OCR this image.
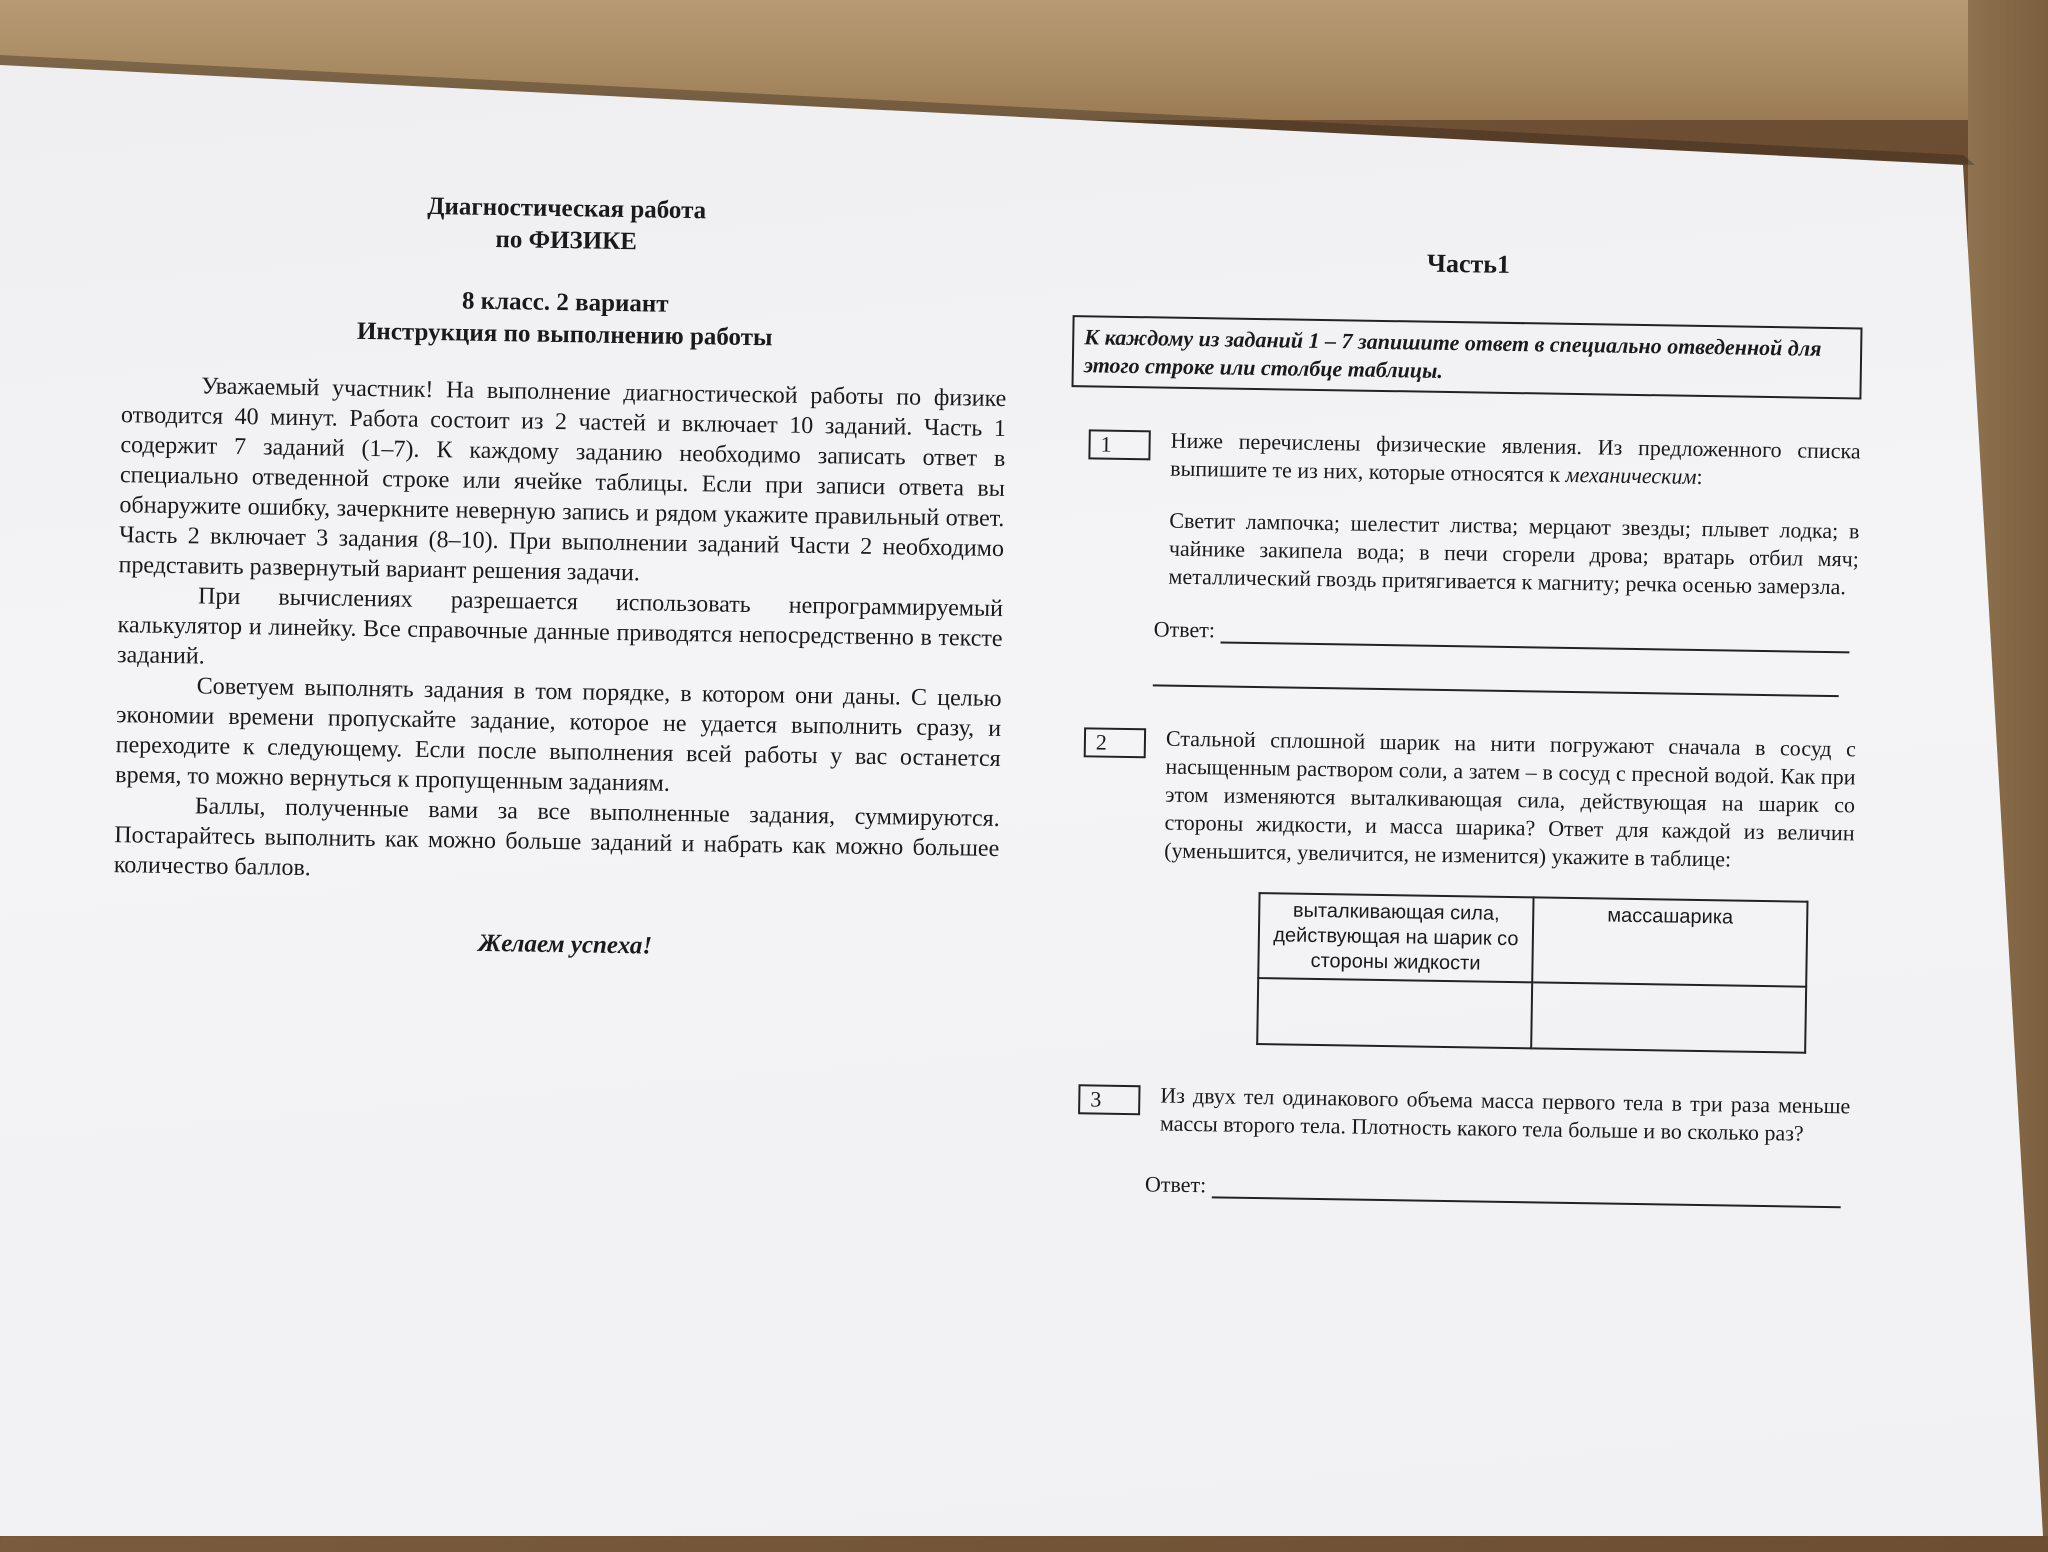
Диагностическая работа
по ФИЗИКЕ
8 класс. 2 вариант
Инструкция по выполнению работы

Уважаемый участник! На выполнение диагностической работы по физике отводится 40 минут. Работа состоит из 2 частей и включает 10 заданий. Часть 1 содержит 7 заданий (1–7). К каждому заданию необходимо записать ответ в специально отведенной строке или ячейке таблицы. Если при записи ответа вы обнаружите ошибку, зачеркните неверную запись и рядом укажите правильный ответ. Часть 2 включает 3 задания (8–10). При выполнении заданий Части 2 необходимо представить развернутый вариант решения задачи.

При вычислениях разрешается использовать непрограммируемый калькулятор и линейку. Все справочные данные приводятся непосредственно в тексте заданий.

Советуем выполнять задания в том порядке, в котором они даны. С целью экономии времени пропускайте задание, которое не удается выполнить сразу, и переходите к следующему. Если после выполнения всей работы у вас останется время, то можно вернуться к пропущенным заданиям.

Баллы, полученные вами за все выполненные задания, суммируются. Постарайтесь выполнить как можно больше заданий и набрать как можно большее количество баллов.

Желаем успеха!
Часть1
К каждому из заданий 1 – 7 запишите ответ в специально отведенной для этого строке или столбце таблицы.
1	Ниже перечислены физические явления. Из предложенного списка выпишите те из них, которые относятся к механическим:
Светит лампочка; шелестит листва; мерцают звезды; плывет лодка; в чайнике закипела вода; в печи сгорели дрова; вратарь отбил мяч; металлический гвоздь притягивается к магниту; речка осенью замерзла.
Ответ:
2	Стальной сплошной шарик на нити погружают сначала в сосуд с насыщенным раствором соли, а затем – в сосуд с пресной водой. Как при этом изменяются выталкивающая сила, действующая на шарик со стороны жидкости, и масса шарика? Ответ для каждой из величин (уменьшится, увеличится, не изменится) укажите в таблице:
выталкивающая сила, действующая на шарик со стороны жидкости	массашарика

3	Из двух тел одинакового объема масса первого тела в три раза меньше массы второго тела. Плотность какого тела больше и во сколько раз?
Ответ:
